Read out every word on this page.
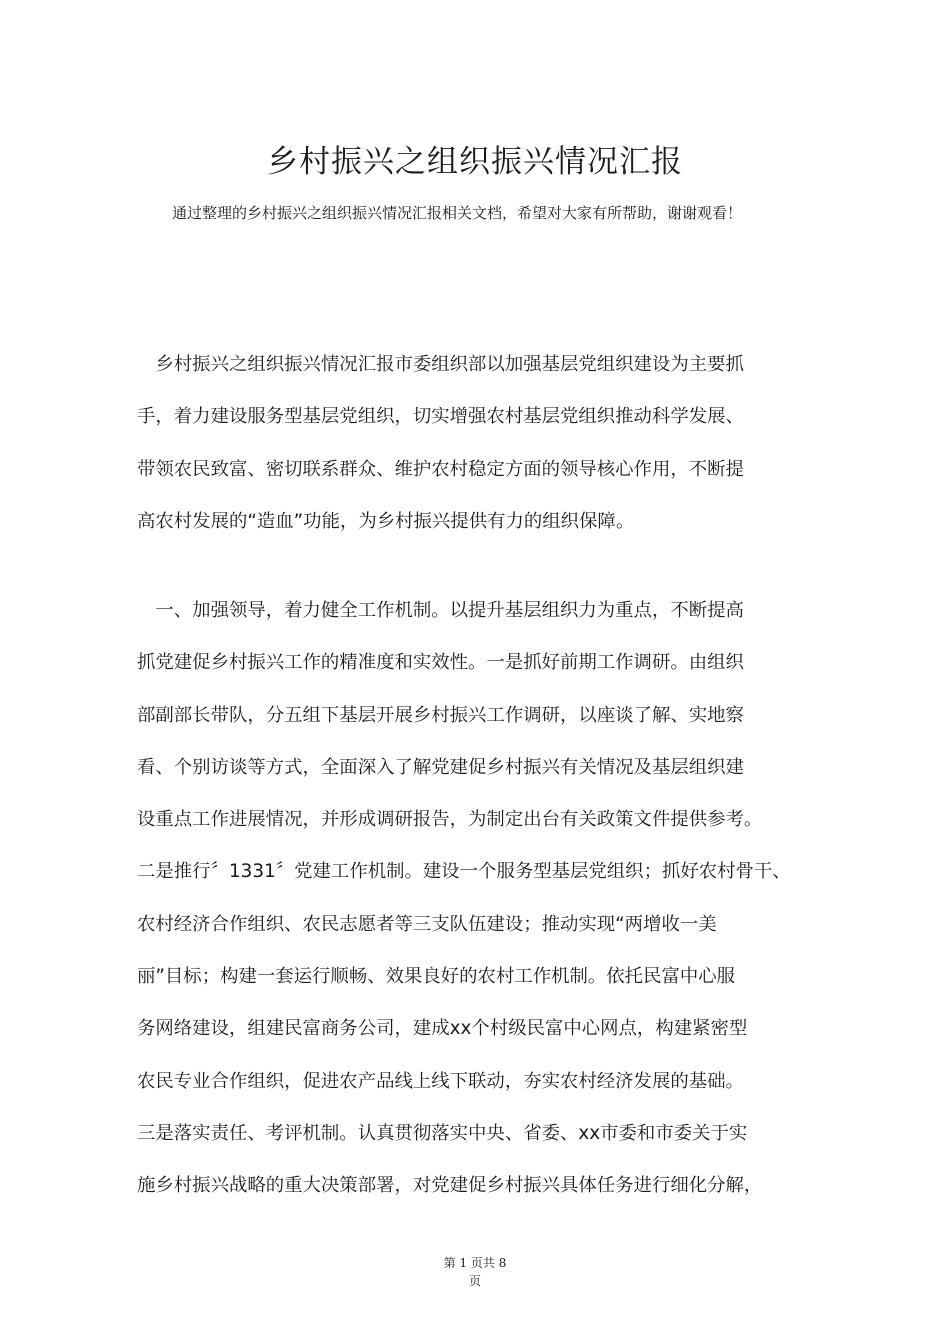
乡村振兴之组织振兴情况汇报

通过整理的乡村振兴之组织振兴情况汇报相关文档，希望对大家有所帮助，谢谢观看！

　乡村振兴之组织振兴情况汇报市委组织部以加强基层党组织建设为主要抓
手，着力建设服务型基层党组织，切实增强农村基层党组织推动科学发展、
带领农民致富、密切联系群众、维护农村稳定方面的领导核心作用，不断提
高农村发展的“造血”功能，为乡村振兴提供有力的组织保障。
　一、加强领导，着力健全工作机制。以提升基层组织力为重点，不断提高
抓党建促乡村振兴工作的精准度和实效性。一是抓好前期工作调研。由组织
部副部长带队，分五组下基层开展乡村振兴工作调研，以座谈了解、实地察
看、个别访谈等方式，全面深入了解党建促乡村振兴有关情况及基层组织建
设重点工作进展情况，并形成调研报告，为制定出台有关政策文件提供参考。
二是推行〞1331〞党建工作机制。建设一个服务型基层党组织；抓好农村骨干、
农村经济合作组织、农民志愿者等三支队伍建设；推动实现“两增收一美
丽”目标；构建一套运行顺畅、效果良好的农村工作机制。依托民富中心服
务网络建设，组建民富商务公司，建成xx个村级民富中心网点，构建紧密型
农民专业合作组织，促进农产品线上线下联动，夯实农村经济发展的基础。
三是落实责任、考评机制。认真贯彻落实中央、省委、xx市委和市委关于实
施乡村振兴战略的重大决策部署，对党建促乡村振兴具体任务进行细化分解，
第 1 页共 8
页
